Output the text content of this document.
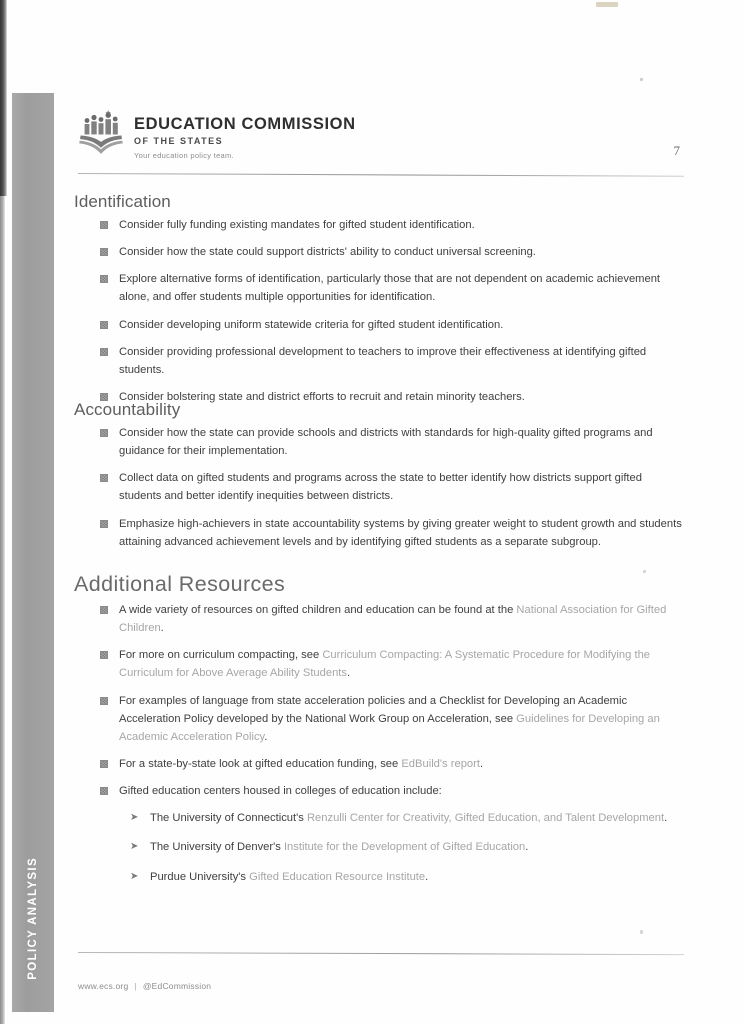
POLICY ANALYSIS
EDUCATION COMMISSION
OF THE STATES
Your education policy team.	7
Identification
Consider fully funding existing mandates for gifted student identification.
Consider how the state could support districts' ability to conduct universal screening.
Explore alternative forms of identification, particularly those that are not dependent on academic achievement alone, and offer students multiple opportunities for identification.
Consider developing uniform statewide criteria for gifted student identification.
Consider providing professional development to teachers to improve their effectiveness at identifying gifted students.
Consider bolstering state and district efforts to recruit and retain minority teachers.
Accountability
Consider how the state can provide schools and districts with standards for high-quality gifted programs and guidance for their implementation.
Collect data on gifted students and programs across the state to better identify how districts support gifted students and better identify inequities between districts.
Emphasize high-achievers in state accountability systems by giving greater weight to student growth and students attaining advanced achievement levels and by identifying gifted students as a separate subgroup.
Additional Resources
A wide variety of resources on gifted children and education can be found at the National Association for Gifted Children.
For more on curriculum compacting, see Curriculum Compacting: A Systematic Procedure for Modifying the Curriculum for Above Average Ability Students.
For examples of language from state acceleration policies and a Checklist for Developing an Academic Acceleration Policy developed by the National Work Group on Acceleration, see Guidelines for Developing an Academic Acceleration Policy.
For a state-by-state look at gifted education funding, see EdBuild's report.
Gifted education centers housed in colleges of education include:
➤ The University of Connecticut's Renzulli Center for Creativity, Gifted Education, and Talent Development.
➤ The University of Denver's Institute for the Development of Gifted Education.
➤ Purdue University's Gifted Education Resource Institute.
www.ecs.org | @EdCommission
